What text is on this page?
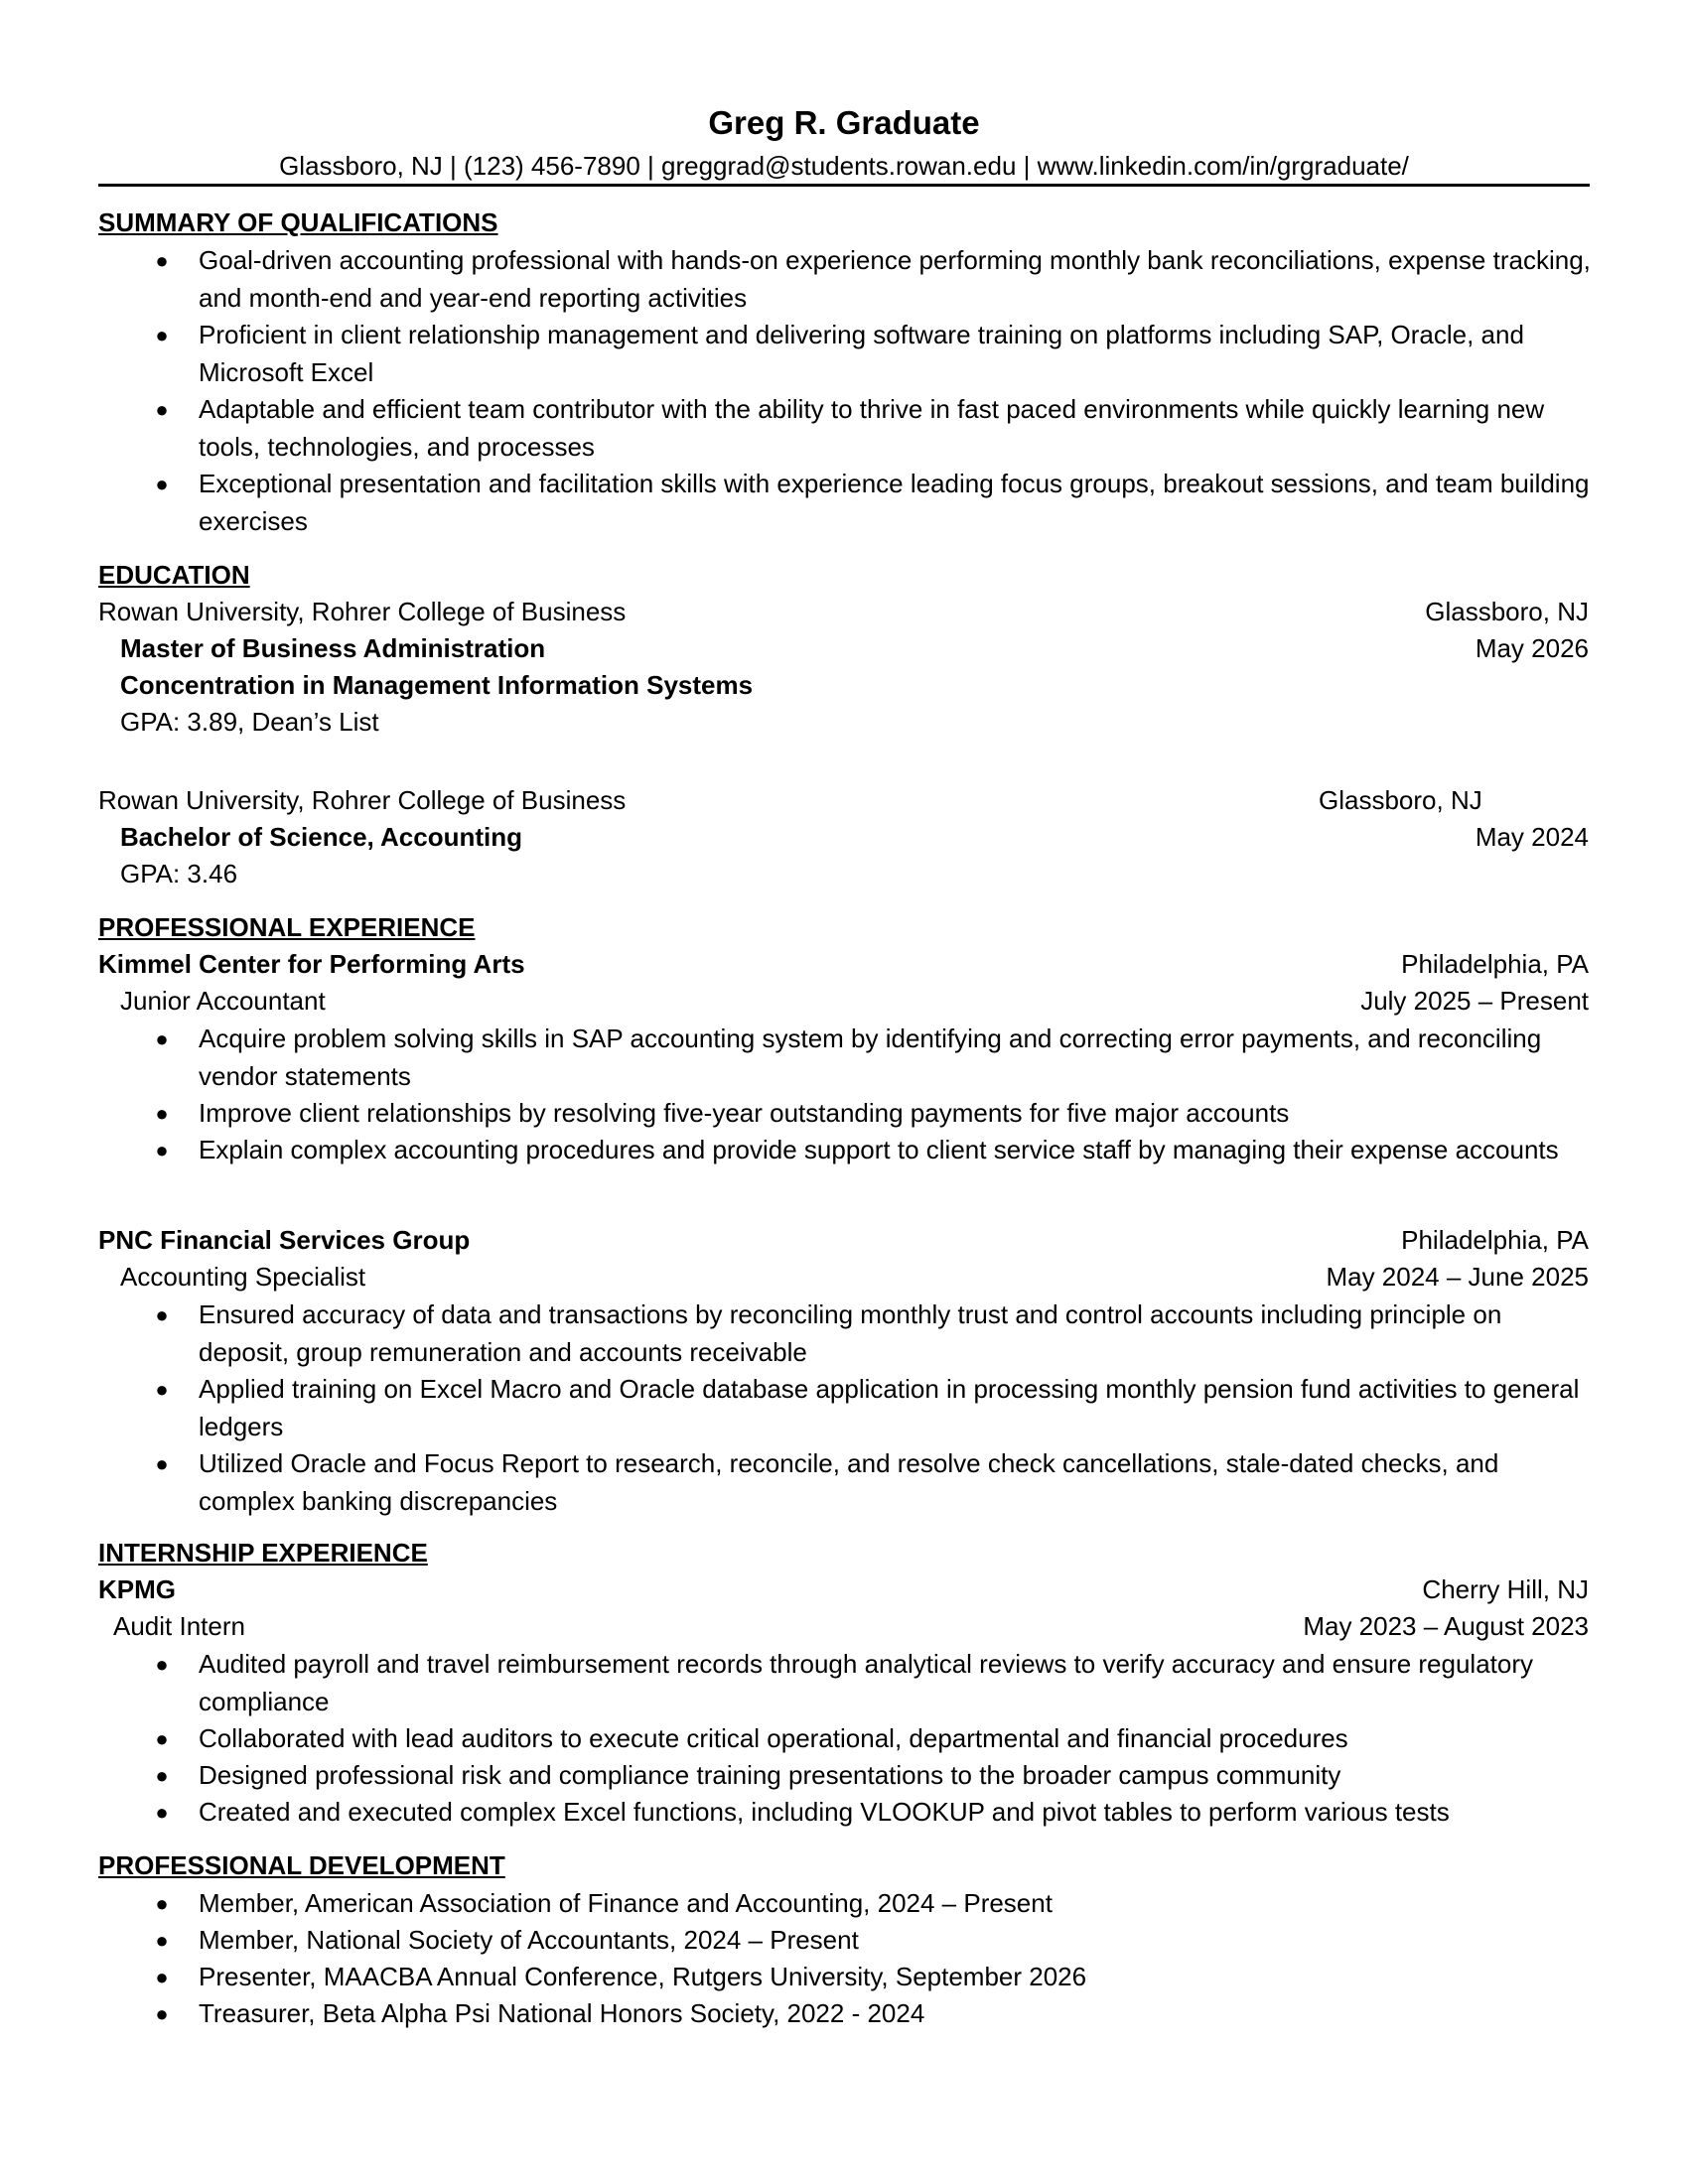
Greg R. Graduate
Glassboro, NJ | (123) 456-7890 | greggrad@students.rowan.edu | www.linkedin.com/in/grgraduate/
SUMMARY OF QUALIFICATIONS
● Goal-driven accounting professional with hands-on experience performing monthly bank reconciliations, expense tracking, and month-end and year-end reporting activities
● Proficient in client relationship management and delivering software training on platforms including SAP, Oracle, and Microsoft Excel
● Adaptable and efficient team contributor with the ability to thrive in fast paced environments while quickly learning new tools, technologies, and processes
● Exceptional presentation and facilitation skills with experience leading focus groups, breakout sessions, and team building exercises
EDUCATION
Rowan University, Rohrer College of Business	Glassboro, NJ
Master of Business Administration	May 2026
Concentration in Management Information Systems
GPA: 3.89, Dean’s List
Rowan University, Rohrer College of Business	Glassboro, NJ
Bachelor of Science, Accounting	May 2024
GPA: 3.46
PROFESSIONAL EXPERIENCE
Kimmel Center for Performing Arts	Philadelphia, PA
Junior Accountant	July 2025 – Present
● Acquire problem solving skills in SAP accounting system by identifying and correcting error payments, and reconciling vendor statements
● Improve client relationships by resolving five-year outstanding payments for five major accounts
● Explain complex accounting procedures and provide support to client service staff by managing their expense accounts
PNC Financial Services Group	Philadelphia, PA
Accounting Specialist	May 2024 – June 2025
● Ensured accuracy of data and transactions by reconciling monthly trust and control accounts including principle on deposit, group remuneration and accounts receivable
● Applied training on Excel Macro and Oracle database application in processing monthly pension fund activities to general ledgers
● Utilized Oracle and Focus Report to research, reconcile, and resolve check cancellations, stale-dated checks, and complex banking discrepancies
INTERNSHIP EXPERIENCE
KPMG	Cherry Hill, NJ
Audit Intern	May 2023 – August 2023
● Audited payroll and travel reimbursement records through analytical reviews to verify accuracy and ensure regulatory compliance
● Collaborated with lead auditors to execute critical operational, departmental and financial procedures
● Designed professional risk and compliance training presentations to the broader campus community
● Created and executed complex Excel functions, including VLOOKUP and pivot tables to perform various tests
PROFESSIONAL DEVELOPMENT
● Member, American Association of Finance and Accounting, 2024 – Present
● Member, National Society of Accountants, 2024 – Present
● Presenter, MAACBA Annual Conference, Rutgers University, September 2026
● Treasurer, Beta Alpha Psi National Honors Society, 2022 - 2024
